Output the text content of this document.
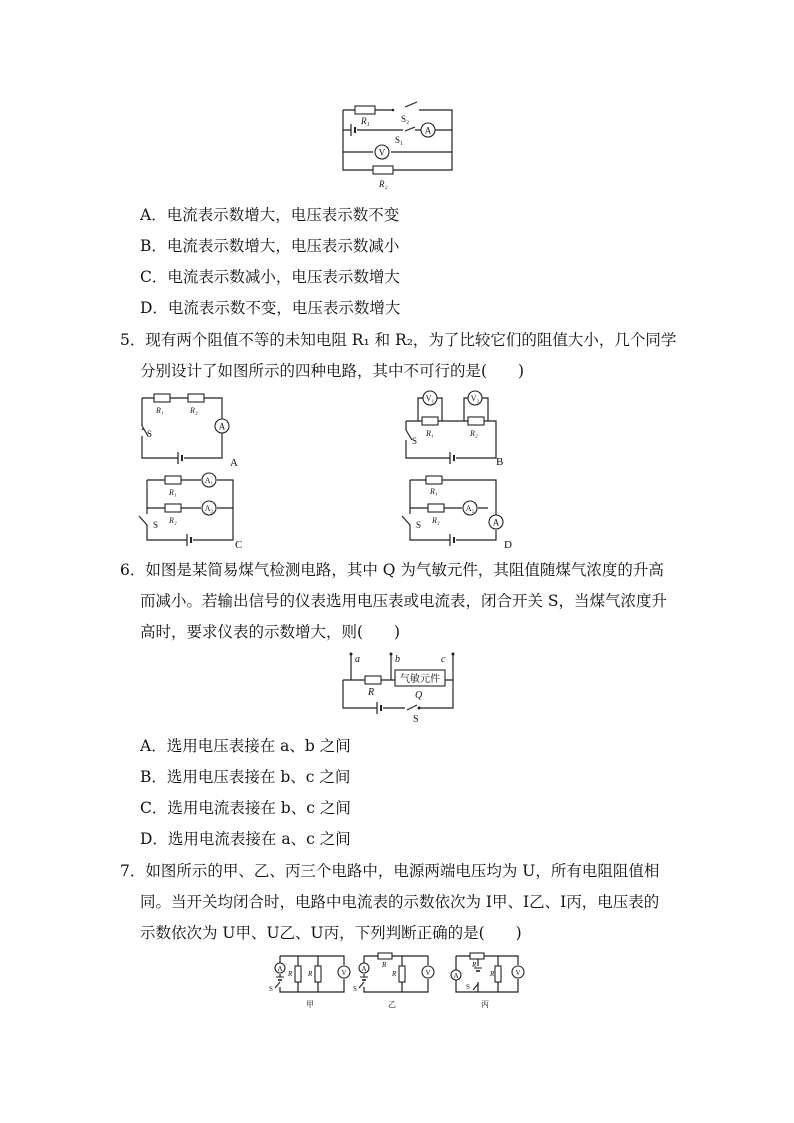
A
V
R₁	S₂
S₁
R₂
A．电流表示数增大，电压表示数不变
B．电流表示数增大，电压表示数减小
C．电流表示数减小，电压表示数增大
D．电流表示数不变，电压表示数增大
5．现有两个阻值不等的未知电阻 R₁ 和 R₂，为了比较它们的阻值大小，几个同学
分别设计了如图所示的四种电路，其中不可行的是(　　)
A
R₁	R₂
S
A
V₁	V₂
R₁	R₂
S
B
A₁
A₂
R₁
R₂
S
C
A₂
A
R₁
R₂
S
D
6．如图是某简易煤气检测电路，其中 Q 为气敏元件，其阻值随煤气浓度的升高
而减小。若输出信号的仪表选用电压表或电流表，闭合开关 S，当煤气浓度升
高时，要求仪表的示数增大，则(　　)
a	b	c
R
气敏元件
Q
S
A．选用电压表接在 a、b 之间
B．选用电压表接在 b、c 之间
C．选用电流表接在 b、c 之间
D．选用电流表接在 a、c 之间
7．如图所示的甲、乙、丙三个电路中，电源两端电压均为 U，所有电阻阻值相
同。当开关均闭合时，电路中电流表的示数依次为 I甲、I乙、I丙，电压表的
示数依次为 U甲、U乙、U丙，下列判断正确的是(　　)
A	V
R R
S
甲
A	V
R
R
S
乙
A	V
R
R
S
丙
